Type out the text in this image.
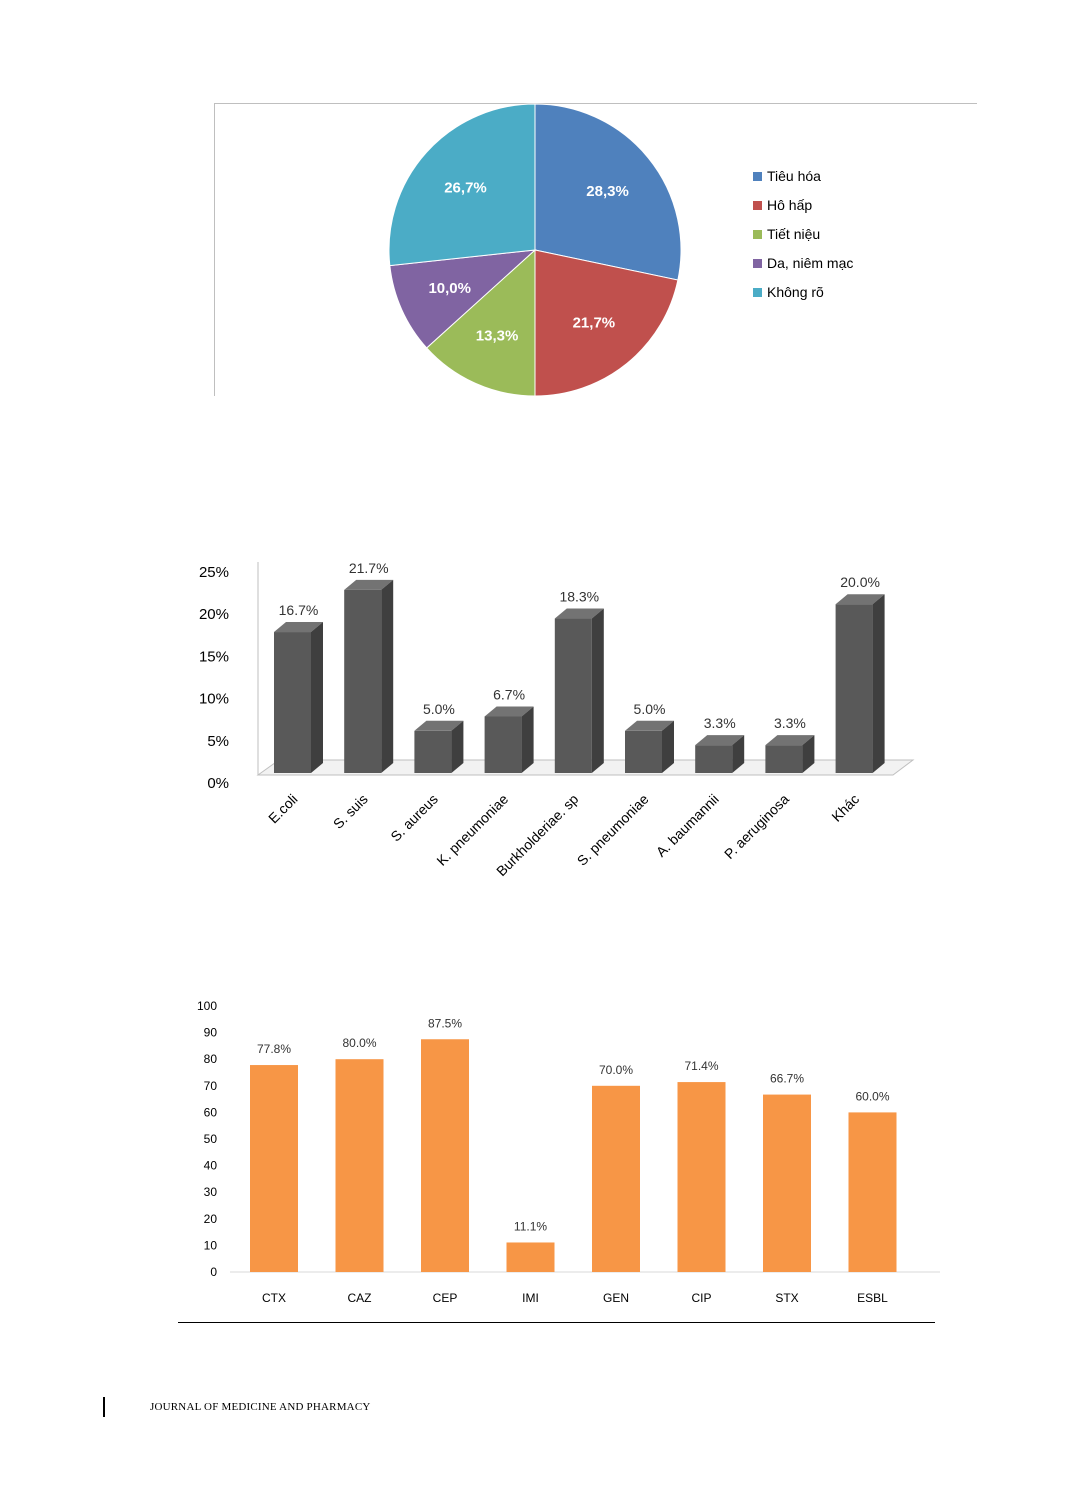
28,3%
21,7%
13,3%
10,0%
26,7%
Tiêu hóa
Hô hấp
Tiết niệu
Da, niêm mạc
Không rõ
0%
5%
10%
15%
20%
25%
16.7%
E.coli
21.7%
S. suis
5.0%
S. aureus
6.7%
K. pneumoniae
18.3%
Burkholderiae. sp
5.0%
S. pneumoniae
3.3%
A. baumannii
3.3%
P. aeruginosa
20.0%
Khác
0
10
20
30
40
50
60
70
80
90
100
77.8%
CTX
80.0%
CAZ
87.5%
CEP
11.1%
IMI
70.0%
GEN
71.4%
CIP
66.7%
STX
60.0%
ESBL
JOURNAL OF MEDICINE AND PHARMACY
